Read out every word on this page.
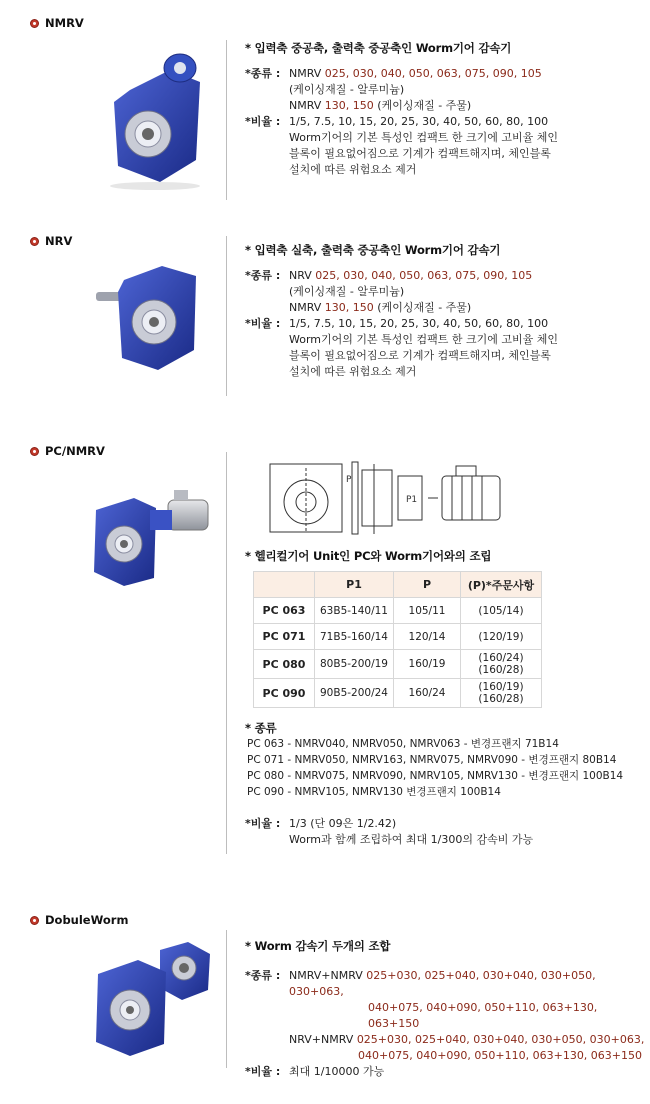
NMRV
* 입력축 중공축, 출력축 중공축인 Worm기어 감속기
*종류 : NMRV 025, 030, 040, 050, 063, 075, 090, 105
(케이싱재질 - 알루미늄)
NMRV 130, 150 (케이싱재질 - 주물)
*비율 : 1/5, 7.5, 10, 15, 20, 25, 30, 40, 50, 60, 80, 100
Worm기어의 기본 특성인 컴팩트 한 크기에 고비율 체인
블록이 필요없어짐으로 기계가 컴팩트해지며, 체인블록
설치에 따른 위험요소 제거
NRV
* 입력축 실축, 출력축 중공축인 Worm기어 감속기
*종류 : NRV 025, 030, 040, 050, 063, 075, 090, 105
(케이싱재질 - 알루미늄)
NMRV 130, 150 (케이싱재질 - 주물)
*비율 : 1/5, 7.5, 10, 15, 20, 25, 30, 40, 50, 60, 80, 100
Worm기어의 기본 특성인 컴팩트 한 크기에 고비율 체인
블록이 필요없어짐으로 기계가 컴팩트해지며, 체인블록
설치에 따른 위험요소 제거
PC/NMRV
P
P1
* 헬리컬기어 Unit인 PC와 Worm기어와의 조립
	P1	P	(P)*주문사항
PC 063	63B5-140/11	105/11	(105/14)
PC 071	71B5-160/14	120/14	(120/19)
PC 080	80B5-200/19	160/19	(160/24)
(160/28)

PC 090	90B5-200/24	160/24	(160/19)
(160/28)
* 종류
PC 063 - NMRV040, NMRV050, NMRV063 - 변경프랜지 71B14
PC 071 - NMRV050, NMRV163, NMRV075, NMRV090 - 변경프랜지 80B14
PC 080 - NMRV075, NMRV090, NMRV105, NMRV130 - 변경프랜지 100B14
PC 090 - NMRV105, NMRV130 변경프랜지 100B14
*비율 : 1/3 (단 09은 1/2.42)
Worm과 함께 조립하여 최대 1/300의 감속비 가능
DobuleWorm
* Worm 감속기 두개의 조합
*종류 : NMRV+NMRV 025+030, 025+040, 030+040, 030+050, 030+063,
040+075, 040+090, 050+110, 063+130, 063+150
NRV+NMRV 025+030, 025+040, 030+040, 030+050, 030+063,
040+075, 040+090, 050+110, 063+130, 063+150
*비율 : 최대 1/10000 가능
